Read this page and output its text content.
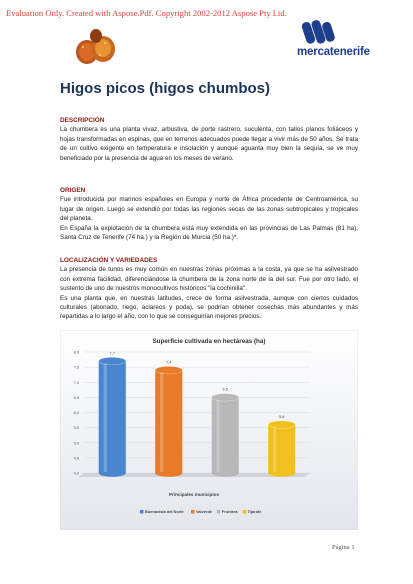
Evaluation Only. Created with Aspose.Pdf. Copyright 2002-2012 Aspose Pty Ltd.
mercatenerife
Higos picos (higos chumbos)
DESCRIPCIÓN

La chumbera es una planta vivaz, arbustiva, de porte rastrero, suculenta, con tallos planos foliáceos y hojas transformadas en espinas, que en terrenos adecuados puede llegar a vivir más de 50 años. Se trata de un cultivo exigente en temperatura e insolación y aunque aguanta muy bien la sequía, se ve muy beneficiado por la presencia de agua en los meses de verano.

ORIGEN

Fue introducida por marinos españoles en Europa y norte de África procedente de Centroamérica, su lugar de origen. Luego se extendió por todas las regiones secas de las zonas subtropicales y tropicales del planeta.

En España la explotación de la chumbera está muy extendida en las provincias de Las Palmas (81 ha), Santa Cruz de Tenerife (74 ha.) y la Región de Murcia (50 ha.)*.

LOCALIZACIÓN Y VARIEDADES

La presencia de tunos es muy común en nuestras zonas próximas a la costa, ya que se ha asilvestrado con extrema facilidad, diferenciándose la chumbera de la zona norte de la del sur. Fue por otro lado, el sustento de uno de nuestros monocultivos históricos "la cochinilla".

Es una planta que, en nuestras latitudes, crece de forma asilvestrada, aunque con ciertos cuidados culturales (abonado, riego, aclareos y poda), se podrían obtener cosechas más abundantes y más repartidas a lo largo el año, con lo que se conseguirían mejores precios.

Superficie cultivada en hectáreas (ha)
4,0
4,5
5,0
5,5
6,0
6,5
7,0
7,5
8,0	7,7
7,4
6,5
5,6
Principales municipios
Buenavista del Norte	Valverde	Frontera	Tijarafe
Página 1
